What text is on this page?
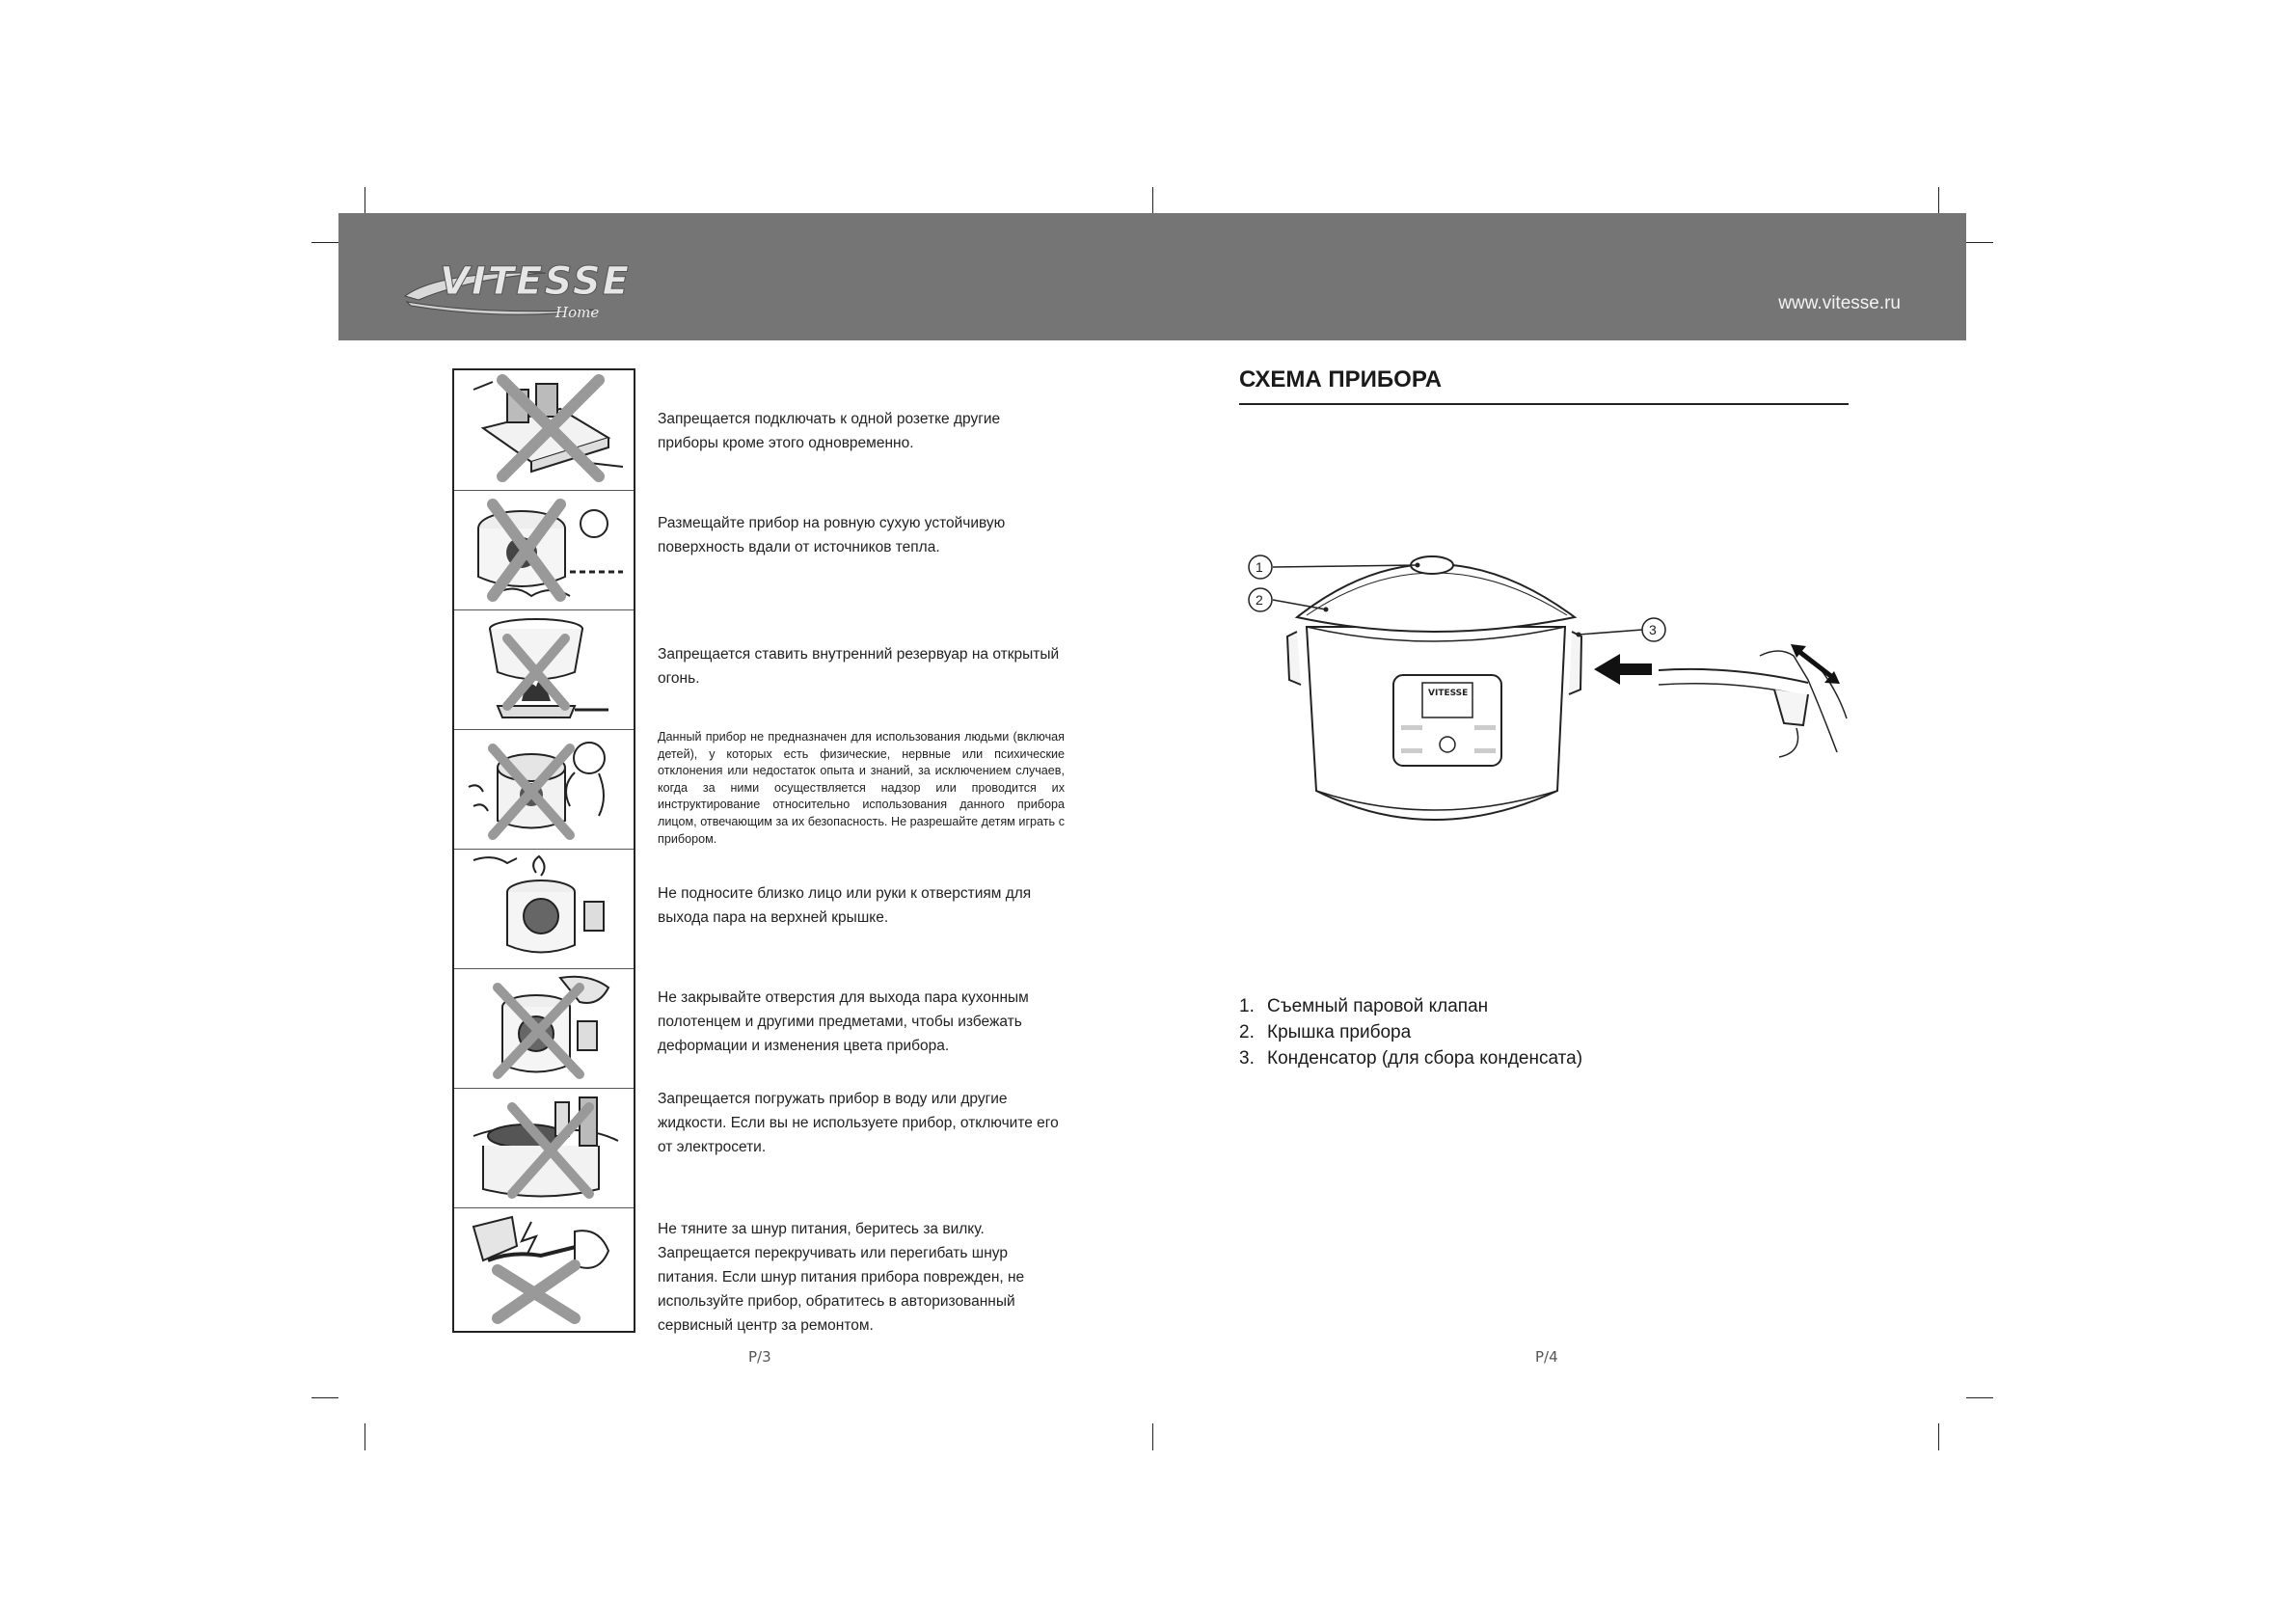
VITESSE
Home	www.vitesse.ru
Запрещается подключать к одной розетке другие приборы кроме этого одновременно.
Размещайте прибор на ровную сухую устойчивую поверхность вдали от источников тепла.
Запрещается ставить внутренний резервуар на открытый огонь.
Данный прибор не предназначен для использования людьми (включая детей), у которых есть физические, нервные или психические отклонения или недостаток опыта и знаний, за исключением случаев, когда за ними осуществляется надзор или проводится их инструктирование относительно использования данного прибора лицом, отвечающим за их безопасность. Не разрешайте детям играть с прибором.
Не подносите близко лицо или руки к отверстиям для выхода пара на верхней крышке.
Не закрывайте отверстия для выхода пара кухонным полотенцем и другими предметами, чтобы избежать деформации и изменения цвета прибора.
Запрещается погружать прибор в воду или другие жидкости. Если вы не используете прибор, отключите его от электросети.
Не тяните за шнур питания, беритесь за вилку. Запрещается перекручивать или перегибать шнур питания. Если шнур питания прибора поврежден, не используйте прибор, обратитесь в авторизованный сервисный центр за ремонтом.
P/3
СХЕМА ПРИБОРА
VITESSE
1
2
3
1. Съемный паровой клапан
2. Крышка прибора
3. Конденсатор (для сбора конденсата)
P/4
